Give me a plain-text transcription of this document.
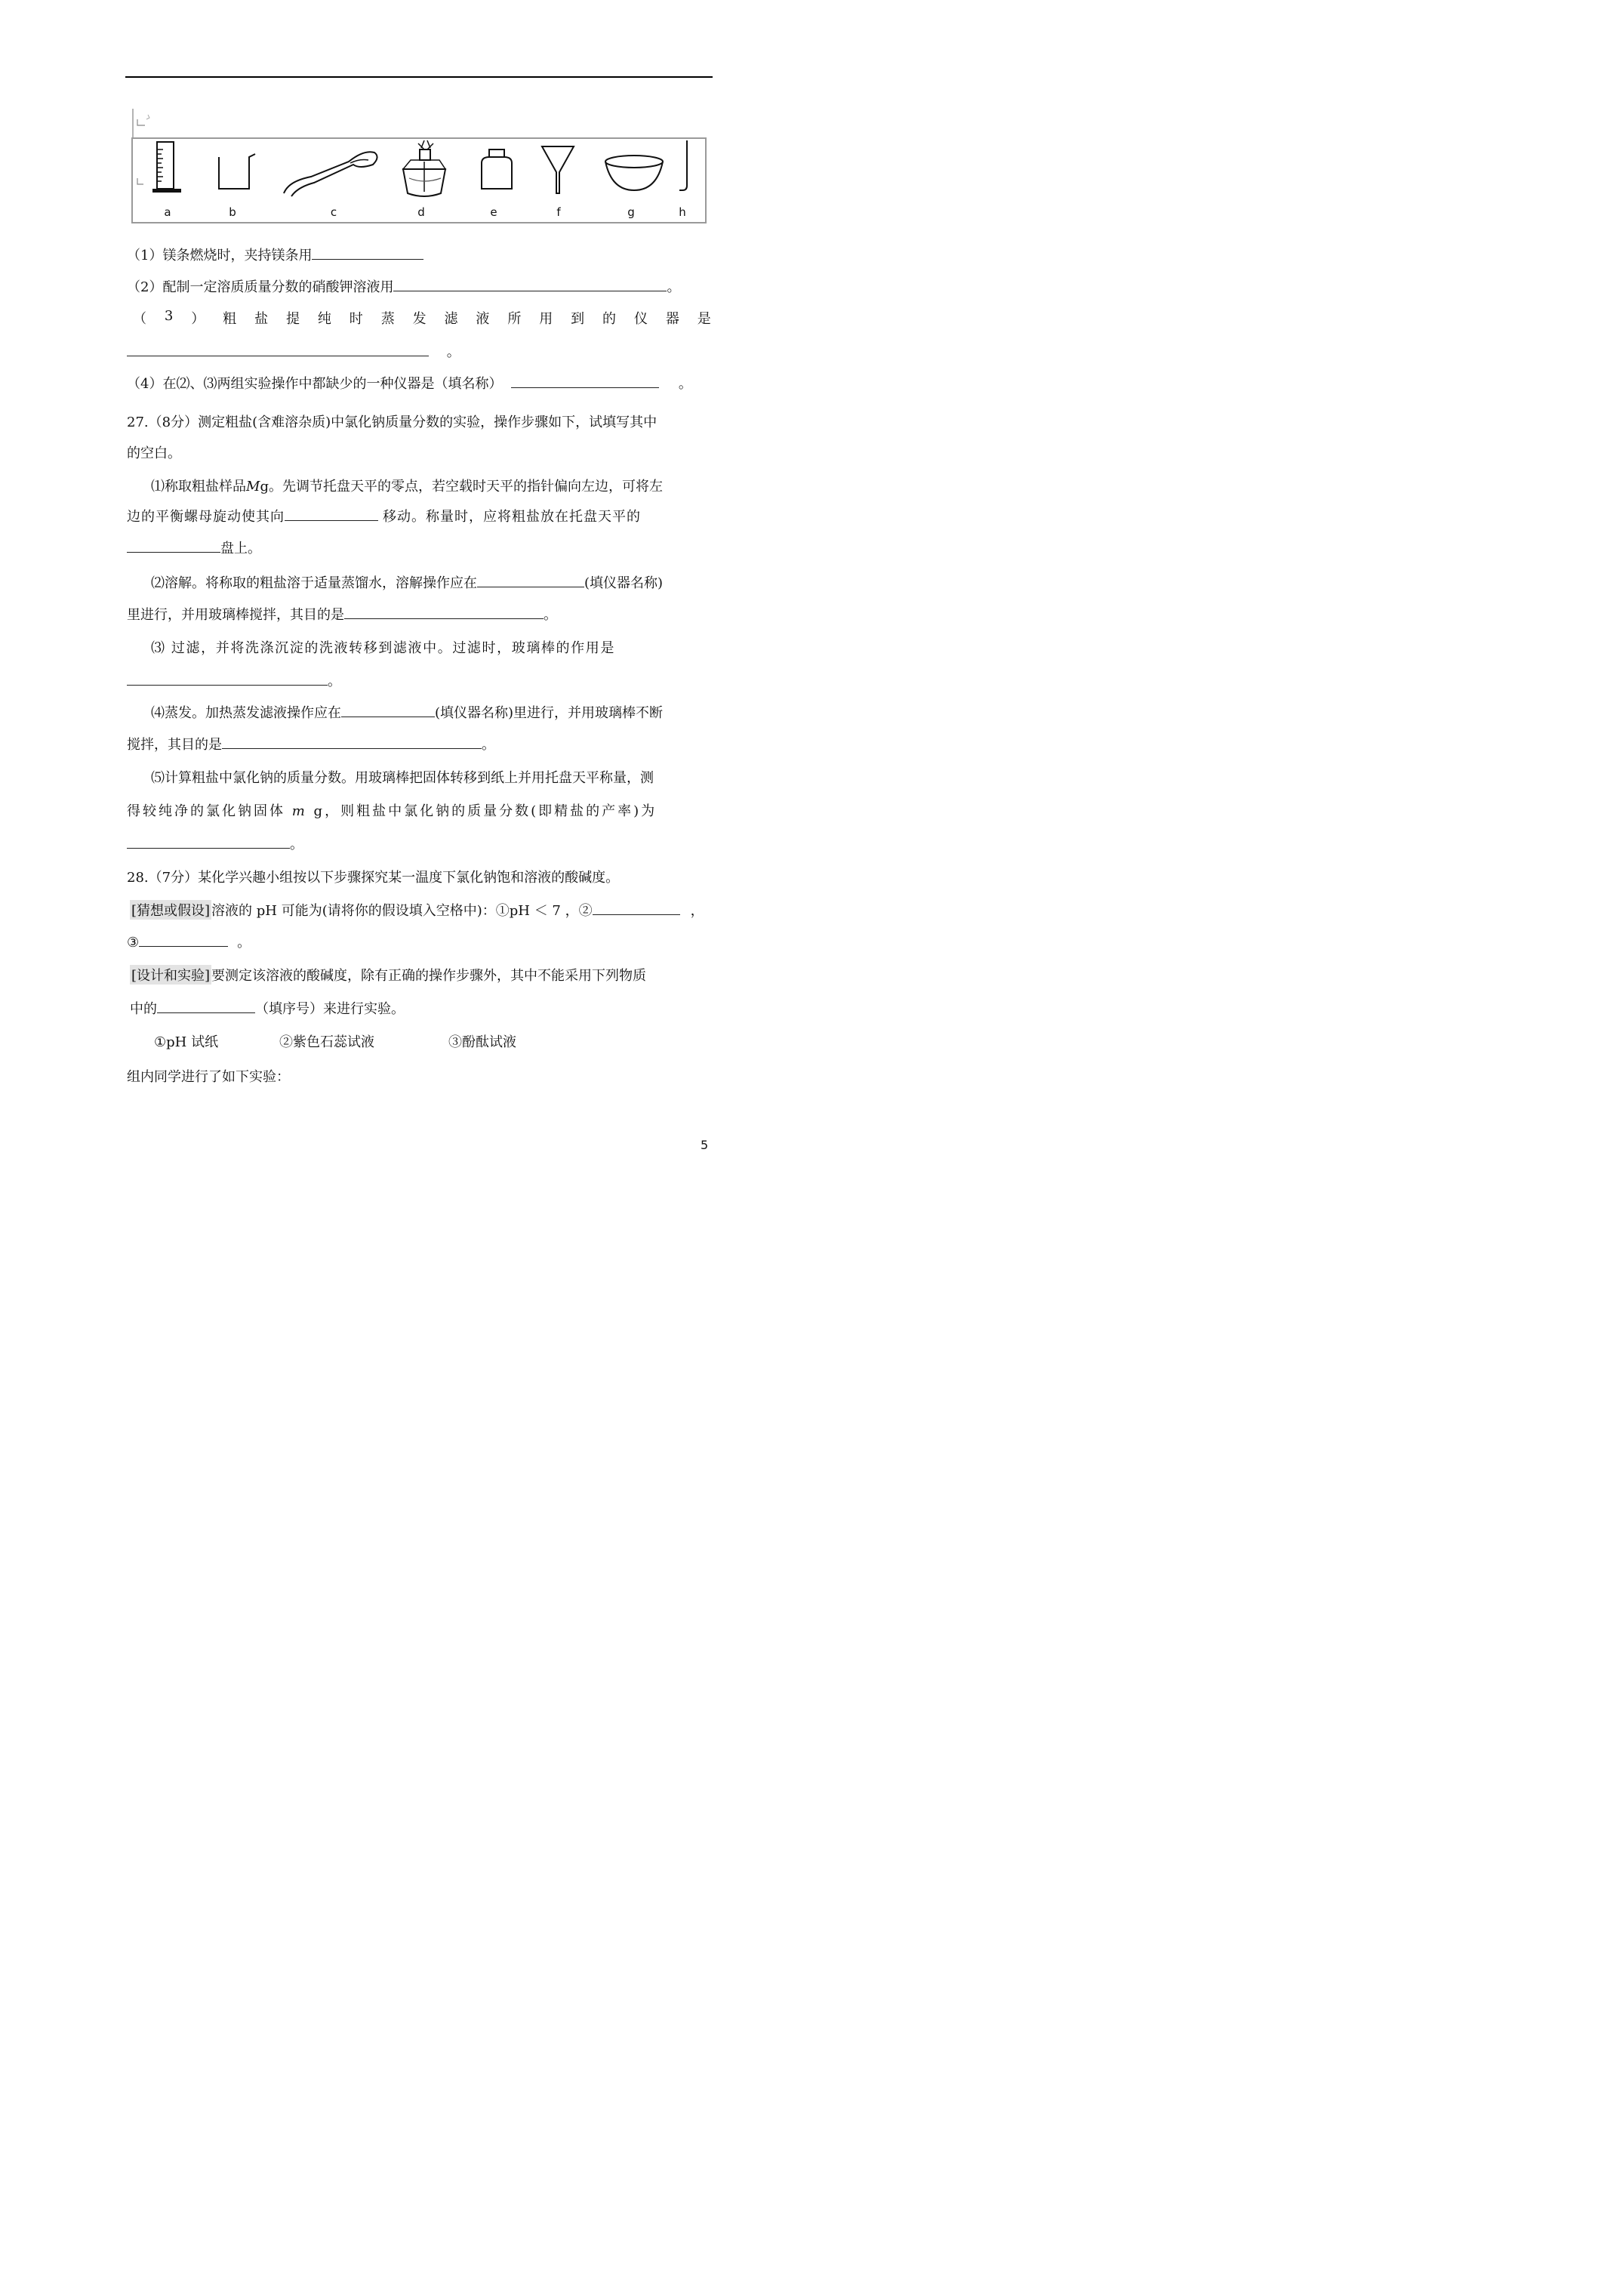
a	b	c	d	e	f	g	h
（1）镁条燃烧时，夹持镁条用
（2）配制一定溶质质量分数的硝酸钾溶液用	。
（ 3 ） 粗 盐 提 纯 时 蒸 发 滤 液 所 用 到 的 仪 器 是
。
（4）在⑵、⑶两组实验操作中都缺少的一种仪器是（填名称）	。
27.（8分）测定粗盐(含难溶杂质)中氯化钠质量分数的实验，操作步骤如下，试填写其中
的空白。
⑴称取粗盐样品Mg。先调节托盘天平的零点，若空载时天平的指针偏向左边，可将左
边的平衡螺母旋动使其向	移动。称量时，应将粗盐放在托盘天平的
盘上。
⑵溶解。将称取的粗盐溶于适量蒸馏水，溶解操作应在	(填仪器名称)
里进行，并用玻璃棒搅拌，其目的是	。
⑶ 过滤，并将洗涤沉淀的洗液转移到滤液中。过滤时，玻璃棒的作用是
。
⑷蒸发。加热蒸发滤液操作应在	(填仪器名称)里进行，并用玻璃棒不断
搅拌，其目的是	。
⑸计算粗盐中氯化钠的质量分数。用玻璃棒把固体转移到纸上并用托盘天平称量，测
得较纯净的氯化钠固体 m g，则粗盐中氯化钠的质量分数(即精盐的产率)为
。
28.（7分）某化学兴趣小组按以下步骤探究某一温度下氯化钠饱和溶液的酸碱度。
[猜想或假设] 溶液的 pH 可能为(请将你的假设填入空格中)：①pH ＜ 7 ，②	，
③	。
[设计和实验] 要测定该溶液的酸碱度，除有正确的操作步骤外，其中不能采用下列物质
中的	（填序号）来进行实验。
①pH 试纸	②紫色石蕊试液	③酚酞试液
组内同学进行了如下实验：
5
